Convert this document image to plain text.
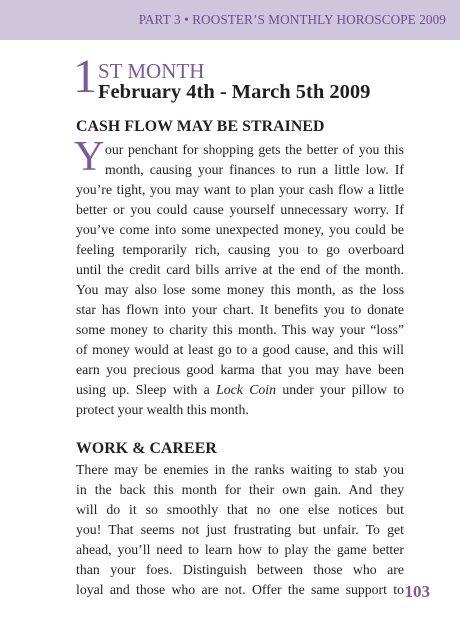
PART 3 • ROOSTER’S MONTHLY HOROSCOPE 2009
1 ST MONTH
February 4th - March 5th 2009
CASH FLOW MAY BE STRAINED
Y our penchant for shopping gets the better of you this
month, causing your finances to run a little low. If
you’re tight, you may want to plan your cash flow a little
better or you could cause yourself unnecessary worry. If
you’ve come into some unexpected money, you could be
feeling temporarily rich, causing you to go overboard
until the credit card bills arrive at the end of the month.
You may also lose some money this month, as the loss
star has flown into your chart. It benefits you to donate
some money to charity this month. This way your “loss”
of money would at least go to a good cause, and this will
earn you precious good karma that you may have been
using up. Sleep with a Lock Coin under your pillow to
protect your wealth this month.
WORK & CAREER
There may be enemies in the ranks waiting to stab you
in the back this month for their own gain. And they
will do it so smoothly that no one else notices but
you! That seems not just frustrating but unfair. To get
ahead, you’ll need to learn how to play the game better
than your foes. Distinguish between those who are
loyal and those who are not. Offer the same support to 103
